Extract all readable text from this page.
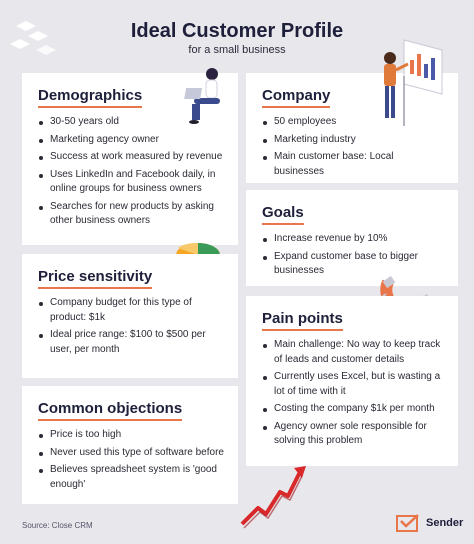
Ideal Customer Profile
for a small business
Demographics
30-50 years old
Marketing agency owner
Success at work measured by revenue
Uses LinkedIn and Facebook daily, in online groups for business owners
Searches for new products by asking other business owners
Price sensitivity
Company budget for this type of product: $1k
Ideal price range: $100 to $500 per user, per month
Common objections
Price is too high
Never used this type of software before
Believes spreadsheet system is 'good enough'
Company
50 employees
Marketing industry
Main customer base: Local businesses
Goals
Increase revenue by 10%
Expand customer base to bigger businesses
Pain points
Main challenge: No way to keep track of leads and customer details
Currently uses Excel, but is wasting a lot of time with it
Costing the company $1k per month
Agency owner sole responsible for solving this problem
Source: Close CRM	Sender
